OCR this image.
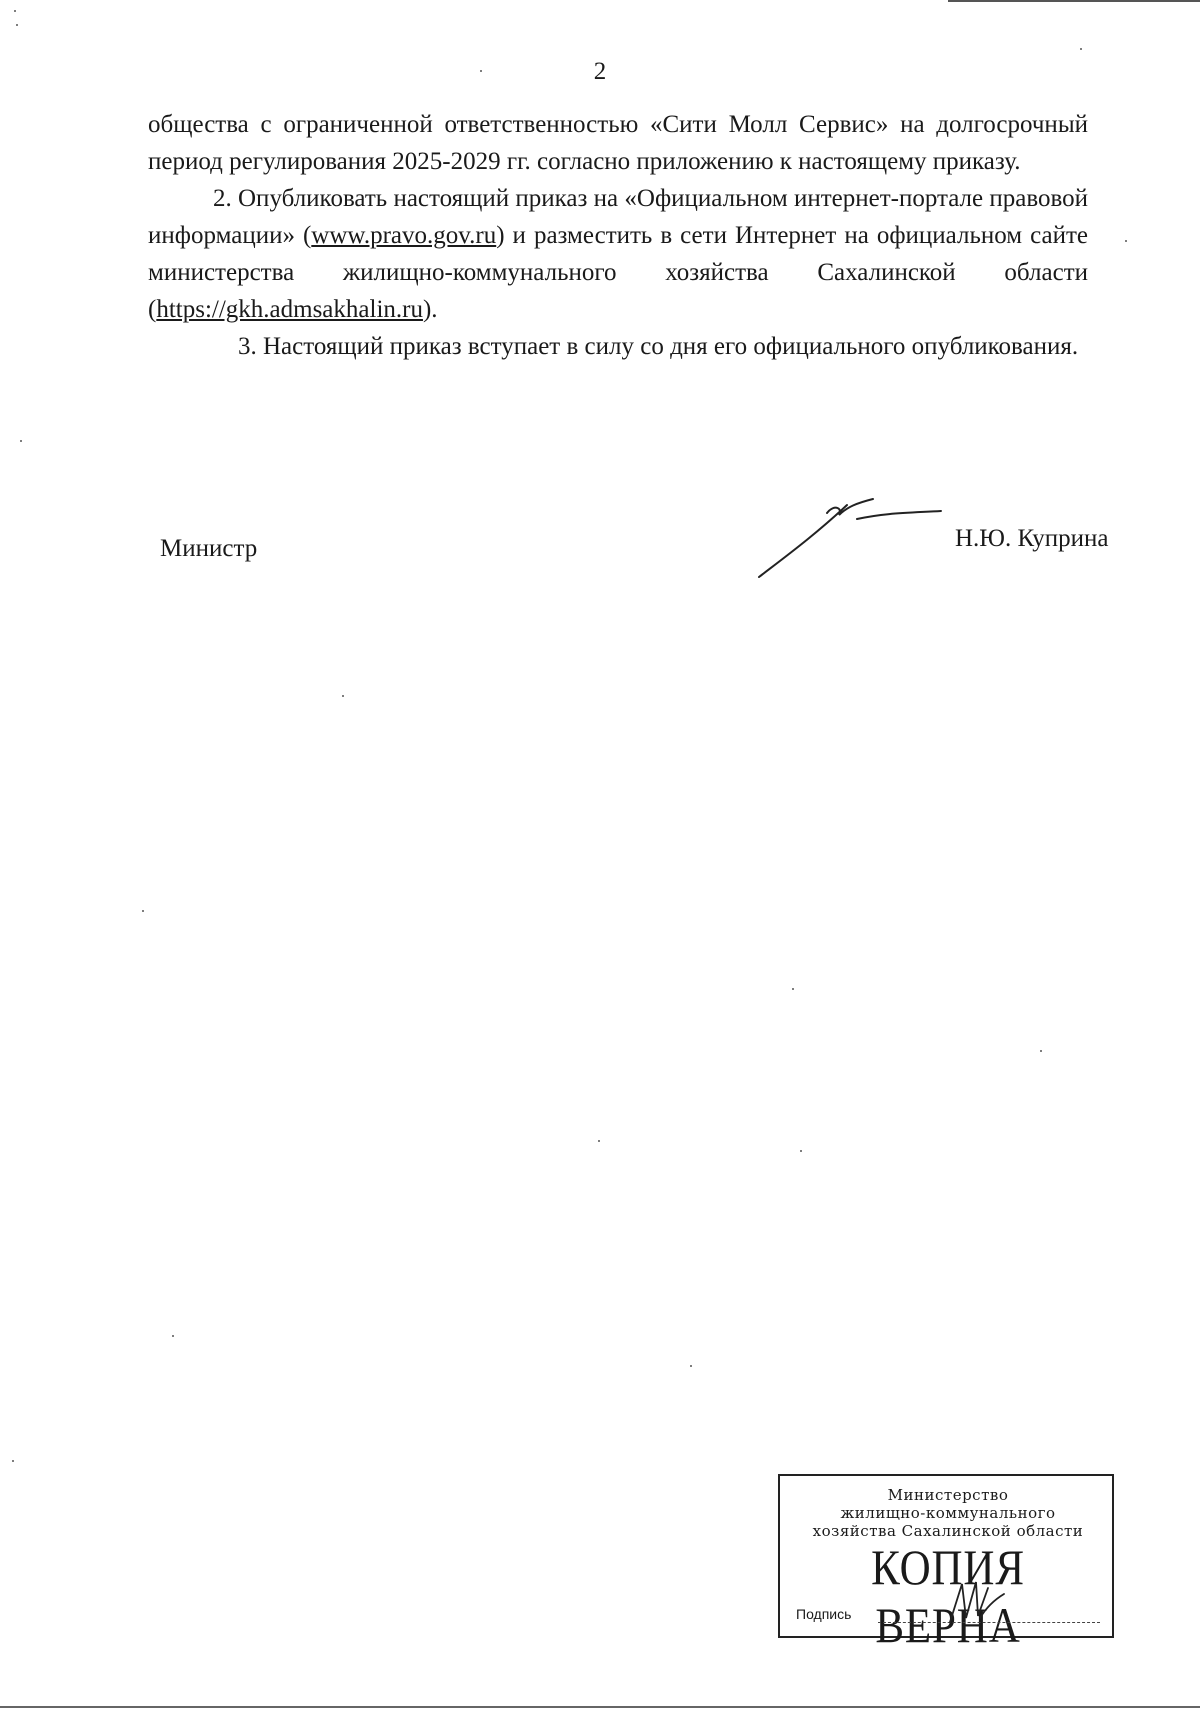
2

общества с ограниченной ответственностью «Сити Молл Сервис» на долгосрочный период регулирования 2025-2029 гг. согласно приложению к настоящему приказу.

2. Опубликовать настоящий приказ на «Официальном интернет-портале правовой информации» (www.pravo.gov.ru) и разместить в сети Интернет на официальном сайте министерства жилищно-коммунального хозяйства Сахалинской области (https://gkh.admsakhalin.ru).

3. Настоящий приказ вступает в силу со дня его официального опубликования.

Министр	Н.Ю. Куприна
Министерство
жилищно-коммунального
хозяйства Сахалинской области
КОПИЯ ВЕРНА
Подпись
